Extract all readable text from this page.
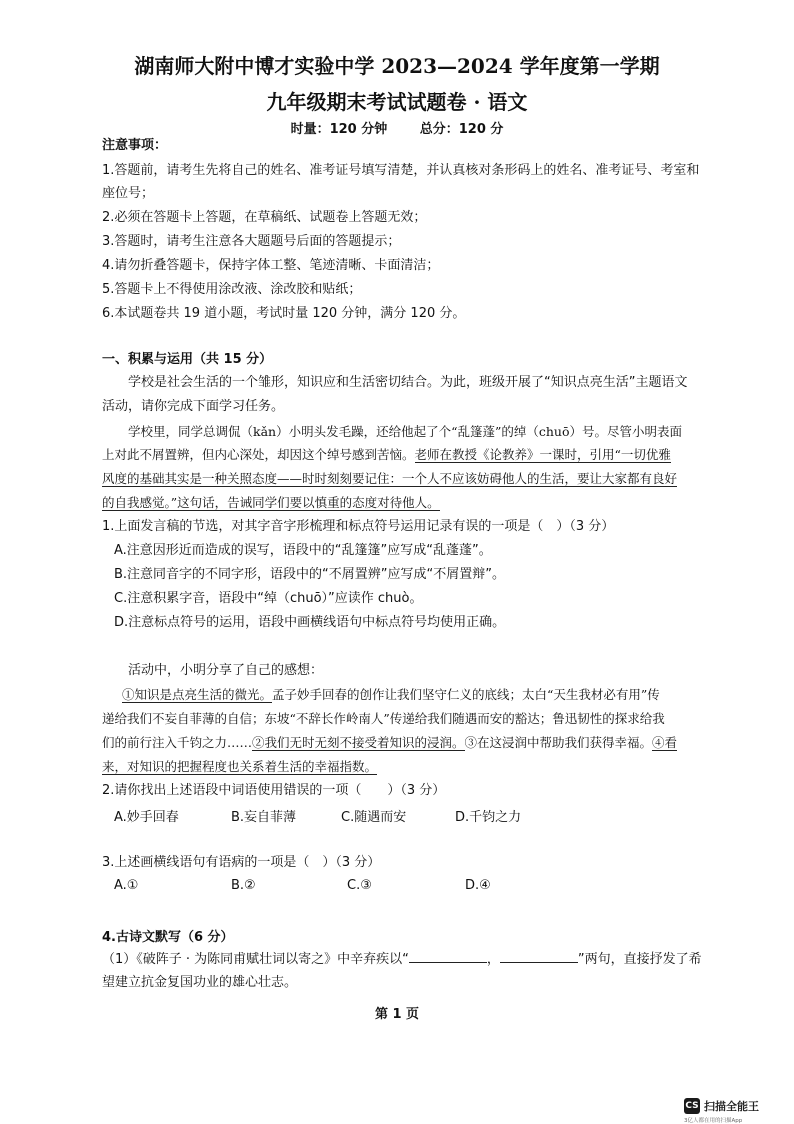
湖南师大附中博才实验中学 2023—2024 学年度第一学期
九年级期末考试试题卷 · 语文
时量：120 分钟	总分：120 分
注意事项：
1.答题前，请考生先将自己的姓名、准考证号填写清楚，并认真核对条形码上的姓名、准考证号、考室和
座位号；
2.必须在答题卡上答题，在草稿纸、试题卷上答题无效；
3.答题时，请考生注意各大题题号后面的答题提示；
4.请勿折叠答题卡，保持字体工整、笔迹清晰、卡面清洁；
5.答题卡上不得使用涂改液、涂改胶和贴纸；
6.本试题卷共 19 道小题，考试时量 120 分钟，满分 120 分。
一、积累与运用（共 15 分）
学校是社会生活的一个雏形，知识应和生活密切结合。为此，班级开展了“知识点亮生活”主题语文
活动，请你完成下面学习任务。
学校里，同学总调侃（kǎn）小明头发毛躁，还给他起了个“乱篷蓬”的绰（chuō）号。尽管小明表面
上对此不屑置辨，但内心深处，却因这个绰号感到苦恼。老师在教授《论教养》一课时，引用“一切优雅
风度的基础其实是一种关照态度——时时刻刻要记住：一个人不应该妨碍他人的生活，要让大家都有良好
的自我感觉。”这句话，告诫同学们要以慎重的态度对待他人。
1.上面发言稿的节选，对其字音字形梳理和标点符号运用记录有误的一项是（　）（3 分）
A.注意因形近而造成的误写，语段中的“乱篷篷”应写成“乱蓬蓬”。
B.注意同音字的不同字形，语段中的“不屑置辨”应写成“不屑置辩”。
C.注意积累字音，语段中“绰（chuō）”应读作 chuò。
D.注意标点符号的运用，语段中画横线语句中标点符号均使用正确。
活动中，小明分享了自己的感想：
①知识是点亮生活的微光。孟子妙手回春的创作让我们坚守仁义的底线；太白“天生我材必有用”传
递给我们不妄自菲薄的自信；东坡“不辞长作岭南人”传递给我们随遇而安的豁达；鲁迅韧性的探求给我
们的前行注入千钧之力……②我们无时无刻不接受着知识的浸润。③在这浸润中帮助我们获得幸福。④看
来，对知识的把握程度也关系着生活的幸福指数。
2.请你找出上述语段中词语使用错误的一项（　　）（3 分）
A.妙手回春	B.妄自菲薄	C.随遇而安	D.千钧之力
3.上述画横线语句有语病的一项是（　）（3 分）
A.①	B.②	C.③	D.④
4.古诗文默写（6 分）
（1）《破阵子 · 为陈同甫赋壮词以寄之》中辛弃疾以“	，	”两句，直接抒发了希
望建立抗金复国功业的雄心壮志。
第 1 页
CS 扫描全能王
3亿人都在用的扫描App
